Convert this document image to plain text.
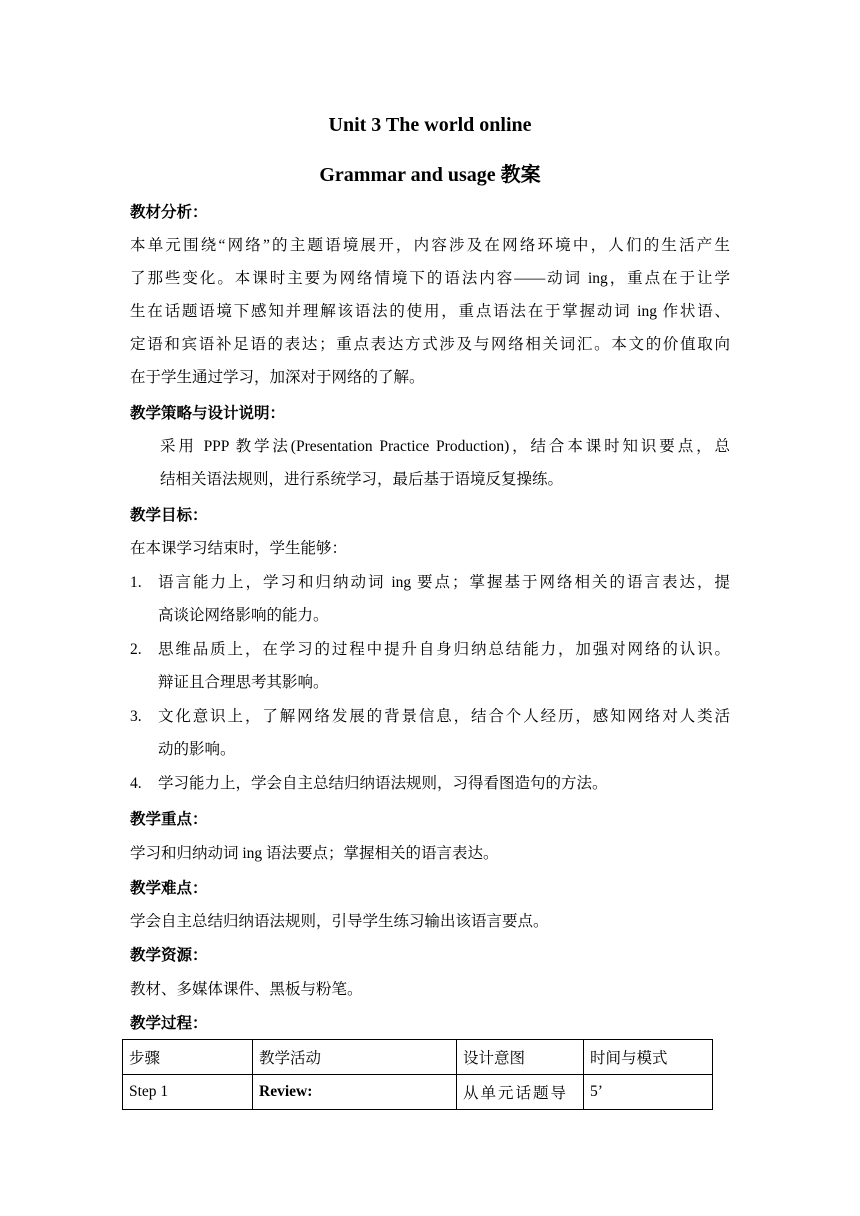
Unit 3 The world online
Grammar and usage 教案
教材分析：
本单元围绕“网络”的主题语境展开，内容涉及在网络环境中，人们的生活产生
了那些变化。本课时主要为网络情境下的语法内容——动词 ing，重点在于让学
生在话题语境下感知并理解该语法的使用，重点语法在于掌握动词 ing 作状语、
定语和宾语补足语的表达；重点表达方式涉及与网络相关词汇。本文的价值取向
在于学生通过学习，加深对于网络的了解。
教学策略与设计说明：
采用 PPP 教学法(Presentation Practice Production)，结合本课时知识要点，总
结相关语法规则，进行系统学习，最后基于语境反复操练。
教学目标：
在本课学习结束时，学生能够：
1. 语言能力上，学习和归纳动词 ing 要点；掌握基于网络相关的语言表达，提
高谈论网络影响的能力。
2. 思维品质上，在学习的过程中提升自身归纳总结能力，加强对网络的认识。
辩证且合理思考其影响。
3. 文化意识上，了解网络发展的背景信息，结合个人经历，感知网络对人类活
动的影响。
4. 学习能力上，学会自主总结归纳语法规则，习得看图造句的方法。
教学重点：
学习和归纳动词 ing 语法要点；掌握相关的语言表达。
教学难点：
学会自主总结归纳语法规则，引导学生练习输出该语言要点。
教学资源：
教材、多媒体课件、黑板与粉笔。
教学过程：
步骤	教学活动	设计意图	时间与模式
Step 1	Review:	从单元话题导	5’
